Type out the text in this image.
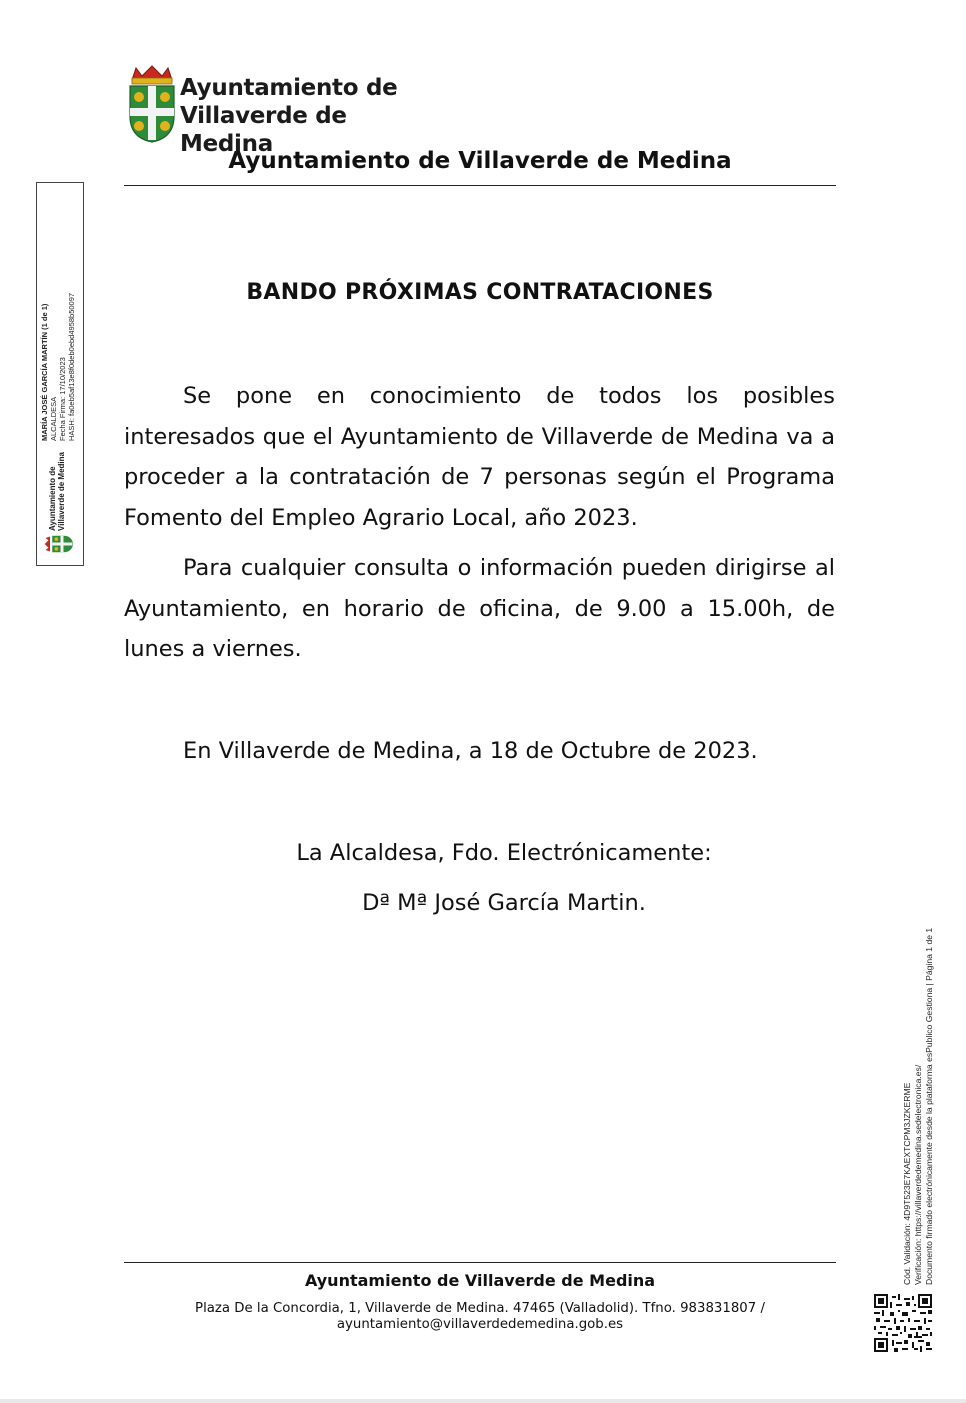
Ayuntamiento de
Villaverde de Medina
Ayuntamiento de Villaverde de Medina
BANDO PRÓXIMAS CONTRATACIONES
Se pone en conocimiento de todos los posibles interesados que el Ayuntamiento de Villaverde de Medina va a proceder a la contratación de 7 personas según el Programa Fomento del Empleo Agrario Local, año 2023.
Para cualquier consulta o información pueden dirigirse al Ayuntamiento, en horario de oficina, de 9.00 a 15.00h, de lunes a viernes.
En Villaverde de Medina, a 18 de Octubre de 2023.
La Alcaldesa, Fdo. Electrónicamente:
Dª Mª José García Martin.
Ayuntamiento de Villaverde de Medina
MARÍA JOSÉ GARCÍA MARTÍN (1 de 1) ALCALDESA Fecha Firma: 17/10/2023 HASH: fa0eb5af13e8f0deb0ebd4958b50097
Cód. Validación: 4D9T523E7KAEXTCPM3JZKERME Verificación: https://villaverdedemedina.sedelectronica.es/ Documento firmado electrónicamente desde la plataforma esPublico Gestiona | Página 1 de 1
Ayuntamiento de Villaverde de Medina
Plaza De la Concordia, 1, Villaverde de Medina. 47465 (Valladolid). Tfno. 983831807 /
ayuntamiento@villaverdedemedina.gob.es
